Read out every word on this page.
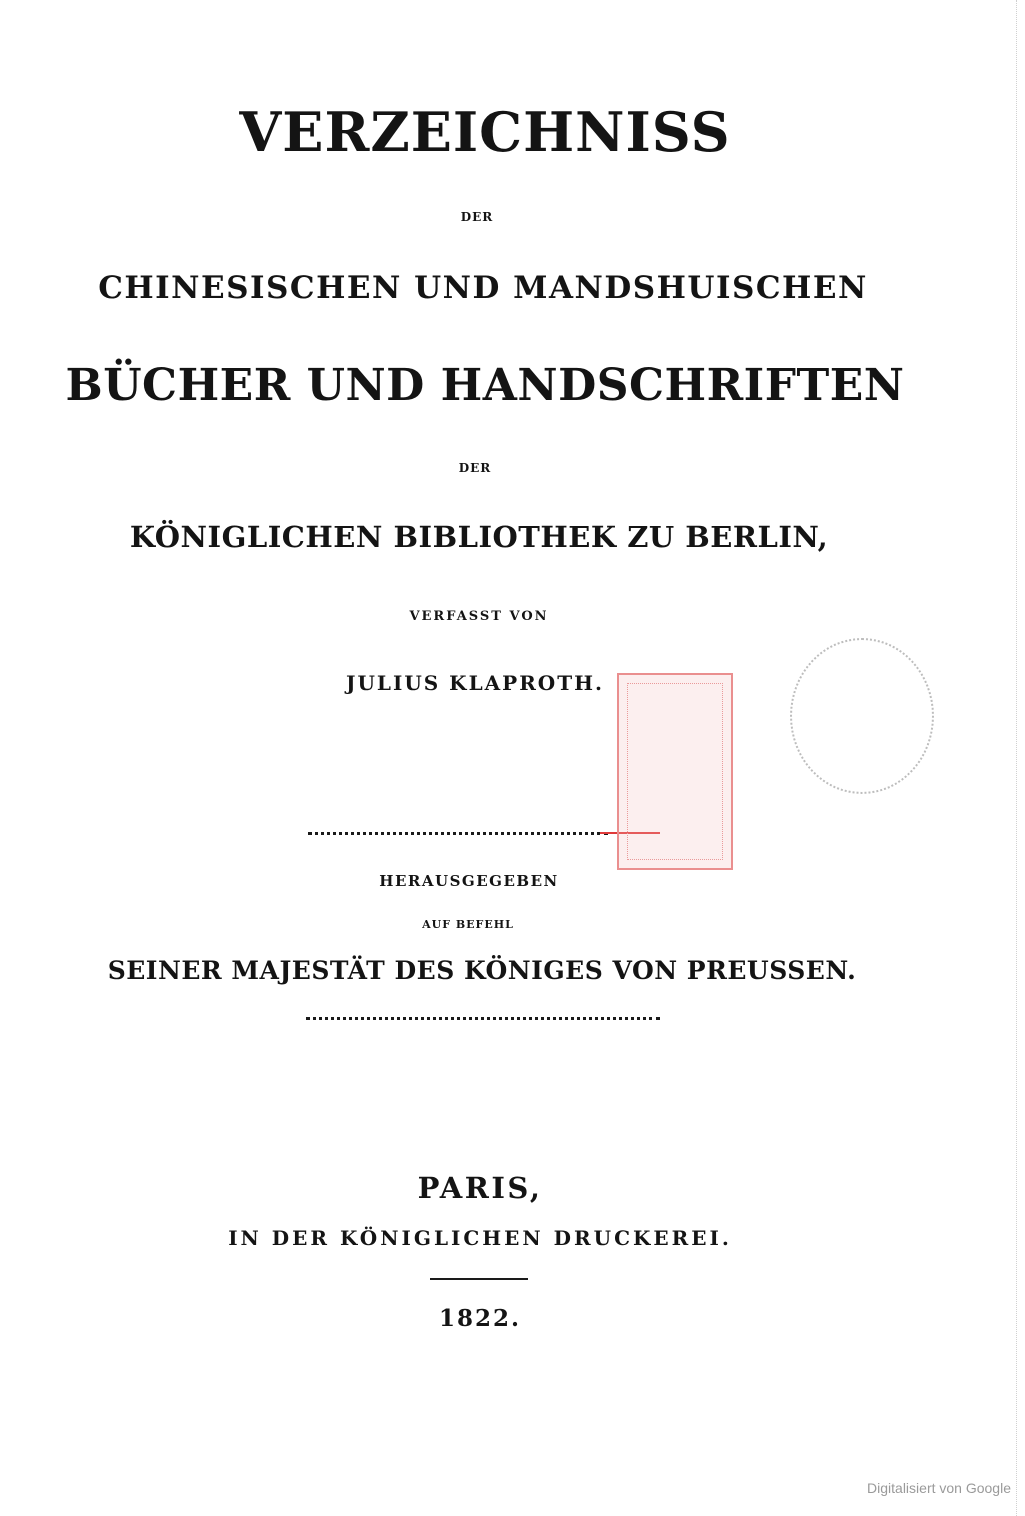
VERZEICHNISS
DER
CHINESISCHEN UND MANDSHUISCHEN
BÜCHER UND HANDSCHRIFTEN
DER
KÖNIGLICHEN BIBLIOTHEK ZU BERLIN,
VERFASST VON
JULIUS KLAPROTH.
HERAUSGEGEBEN
AUF BEFEHL
SEINER MAJESTÄT DES KÖNIGES VON PREUSSEN.
PARIS,
IN DER KÖNIGLICHEN DRUCKEREI.
1822.
Digitalisiert von Google
